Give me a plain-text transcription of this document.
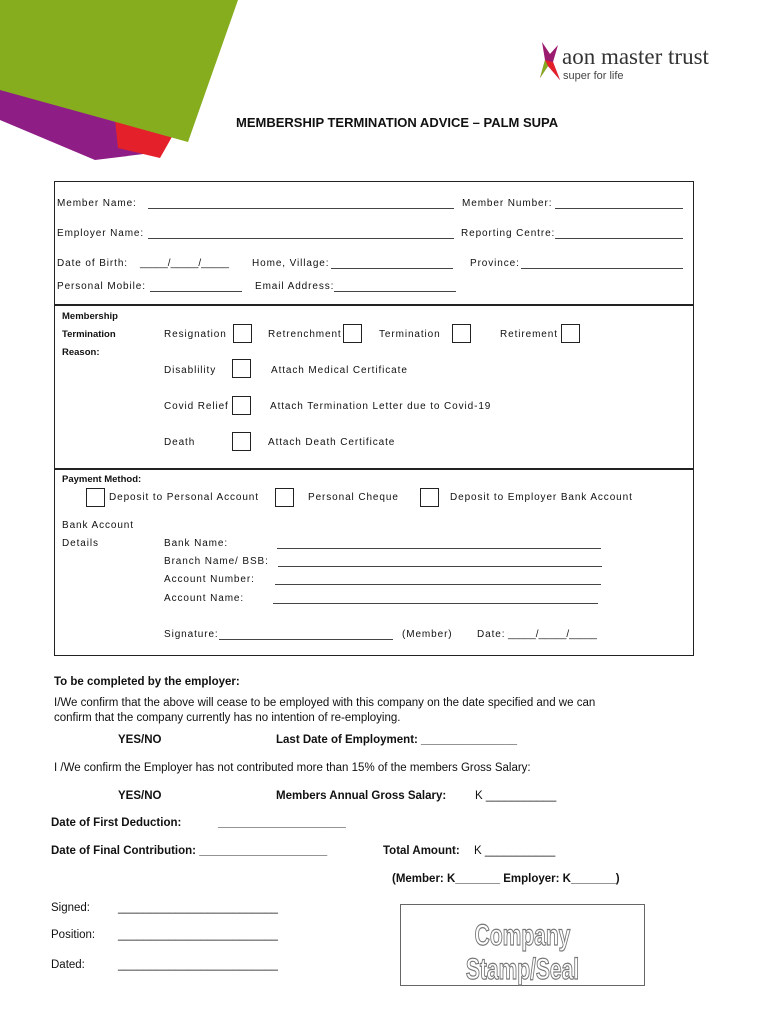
aon master trust
super for life
MEMBERSHIP TERMINATION ADVICE – PALM SUPA
Member Name:	Member Number:
Employer Name:	Reporting Centre:
Date of Birth: _____/_____/_____ Home, Village:	Province:
Personal Mobile:	Email Address:
Membership
Termination
Reason:
Resignation	Retrenchment	Termination	Retirement
Disablility	Attach Medical Certificate
Covid Relief	Attach Termination Letter due to Covid-19
Death	Attach Death Certificate
Payment Method:
Deposit to Personal Account	Personal Cheque	Deposit to Employer Bank Account
Bank Account
Details	Bank Name:
Branch Name/ BSB:
Account Number:
Account Name:
Signature:	(Member) Date: _____/_____/_____
To be completed by the employer:
I/We confirm that the above will cease to be employed with this company on the date specified and we can
confirm that the company currently has no intention of re-employing.
YES/NO	Last Date of Employment: _______________
I /We confirm the Employer has not contributed more than 15% of the members Gross Salary:
YES/NO	Members Annual Gross Salary:	K ___________
Date of First Deduction:	____________________
Date of Final Contribution: ____________________	Total Amount: K ___________
(Member: K_______ Employer: K_______)
Signed: _________________________
Position: _________________________
Dated:	_________________________
Company Stamp/Seal
